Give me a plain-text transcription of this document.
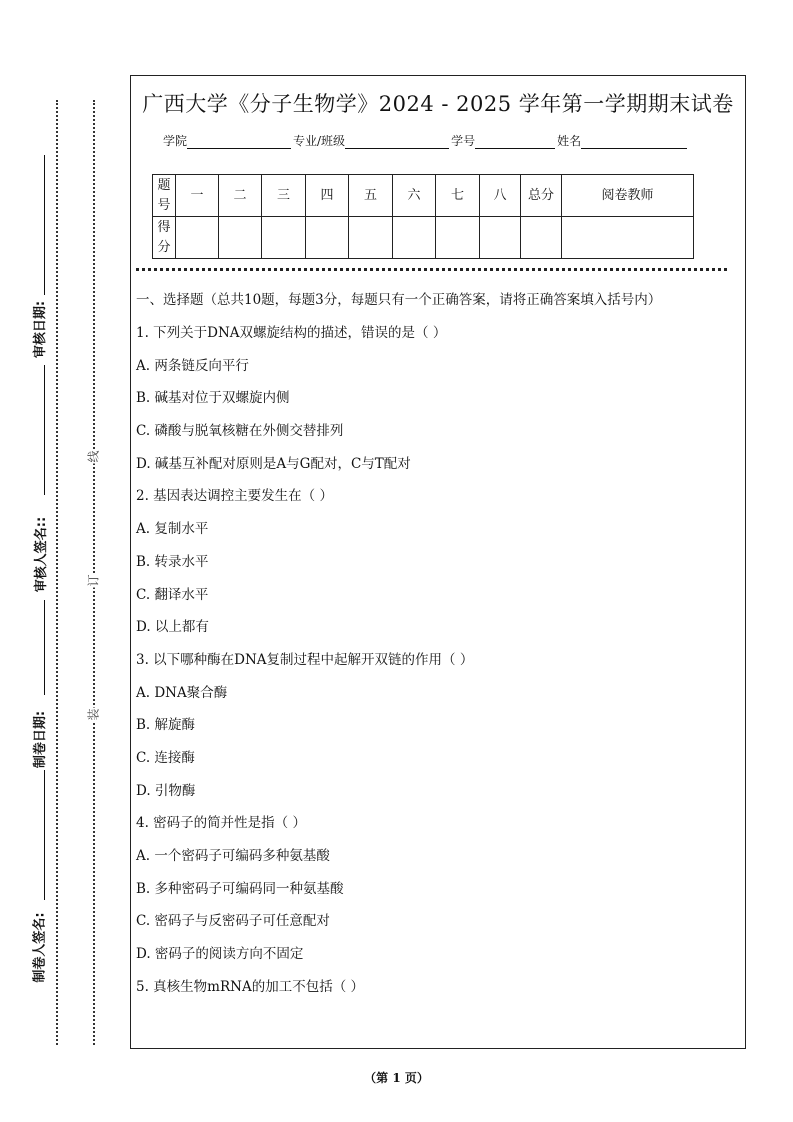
审核日期:
审核人签名::
制卷日期:
制卷人签名:
线
订
装
广西大学《分子生物学》2024 - 2025 学年第一学期期末试卷
学院	专业/班级	学号	姓名
题号	一	二	三	四	五	六	七	八	总分	阅卷教师
得分										
一、选择题（总共10题，每题3分，每题只有一个正确答案，请将正确答案填入括号内）
1. 下列关于DNA双螺旋结构的描述，错误的是（ ）
A. 两条链反向平行
B. 碱基对位于双螺旋内侧
C. 磷酸与脱氧核糖在外侧交替排列
D. 碱基互补配对原则是A与G配对，C与T配对
2. 基因表达调控主要发生在（ ）
A. 复制水平
B. 转录水平
C. 翻译水平
D. 以上都有
3. 以下哪种酶在DNA复制过程中起解开双链的作用（ ）
A. DNA聚合酶
B. 解旋酶
C. 连接酶
D. 引物酶
4. 密码子的简并性是指（ ）
A. 一个密码子可编码多种氨基酸
B. 多种密码子可编码同一种氨基酸
C. 密码子与反密码子可任意配对
D. 密码子的阅读方向不固定
5. 真核生物mRNA的加工不包括（ ）
（第 1 页）
